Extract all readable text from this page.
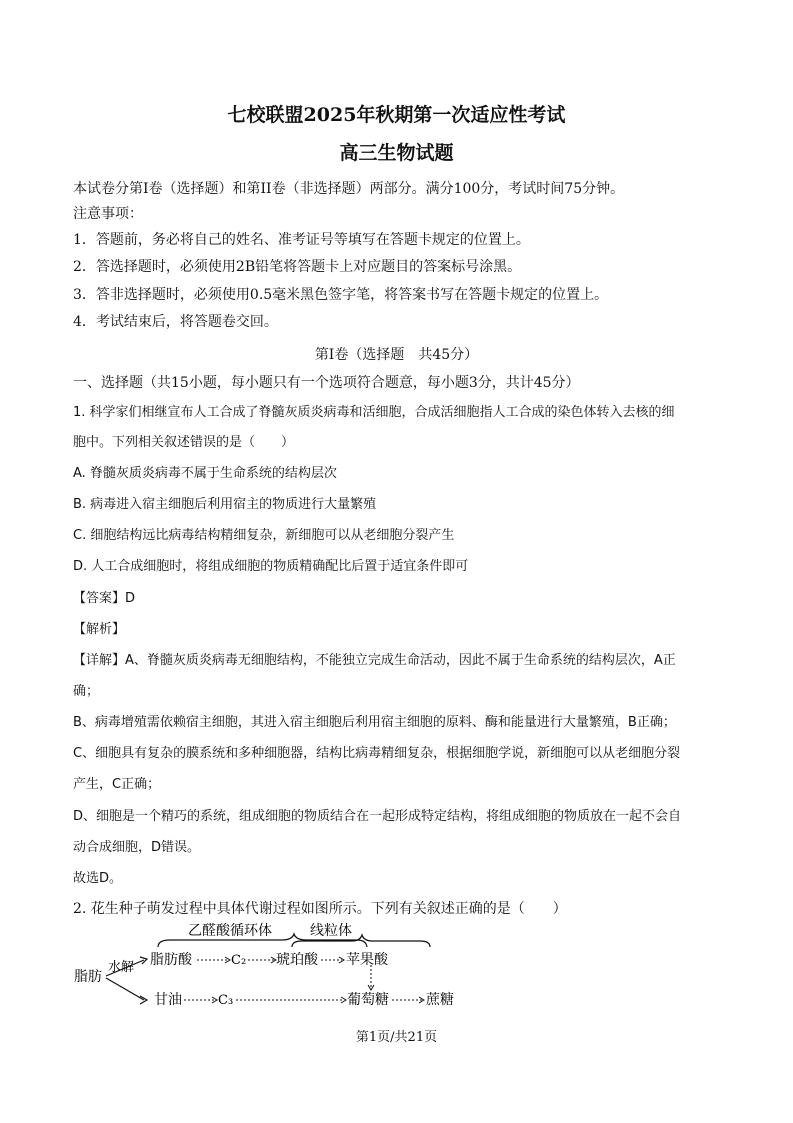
七校联盟2025年秋期第一次适应性考试
高三生物试题
本试卷分第I卷（选择题）和第II卷（非选择题）两部分。满分100分，考试时间75分钟。
注意事项：
1．答题前，务必将自己的姓名、准考证号等填写在答题卡规定的位置上。
2．答选择题时，必须使用2B铅笔将答题卡上对应题目的答案标号涂黑。
3．答非选择题时，必须使用0.5毫米黑色签字笔，将答案书写在答题卡规定的位置上。
4．考试结束后，将答题卷交回。
第I卷（选择题　共45分）
一、选择题（共15小题，每小题只有一个选项符合题意，每小题3分，共计45分）
1. 科学家们相继宣布人工合成了脊髓灰质炎病毒和活细胞，合成活细胞指人工合成的染色体转入去核的细
胞中。下列相关叙述错误的是（　　）
A. 脊髓灰质炎病毒不属于生命系统的结构层次
B. 病毒进入宿主细胞后利用宿主的物质进行大量繁殖
C. 细胞结构远比病毒结构精细复杂，新细胞可以从老细胞分裂产生
D. 人工合成细胞时，将组成细胞的物质精确配比后置于适宜条件即可
【答案】D
【解析】
【详解】A、脊髓灰质炎病毒无细胞结构，不能独立完成生命活动，因此不属于生命系统的结构层次，A正
确；
B、病毒增殖需依赖宿主细胞，其进入宿主细胞后利用宿主细胞的原料、酶和能量进行大量繁殖，B正确；
C、细胞具有复杂的膜系统和多种细胞器，结构比病毒精细复杂，根据细胞学说，新细胞可以从老细胞分裂
产生，C正确；
D、细胞是一个精巧的系统，组成细胞的物质结合在一起形成特定结构，将组成细胞的物质放在一起不会自
动合成细胞，D错误。
故选D。
2. 花生种子萌发过程中具体代谢过程如图所示。下列有关叙述正确的是（　　）
乙醛酸循环体	线粒体
脂肪
水解 脂肪酸	C₂ 琥珀酸 苹果酸
甘油	C₃	葡萄糖	蔗糖
第1页/共21页
